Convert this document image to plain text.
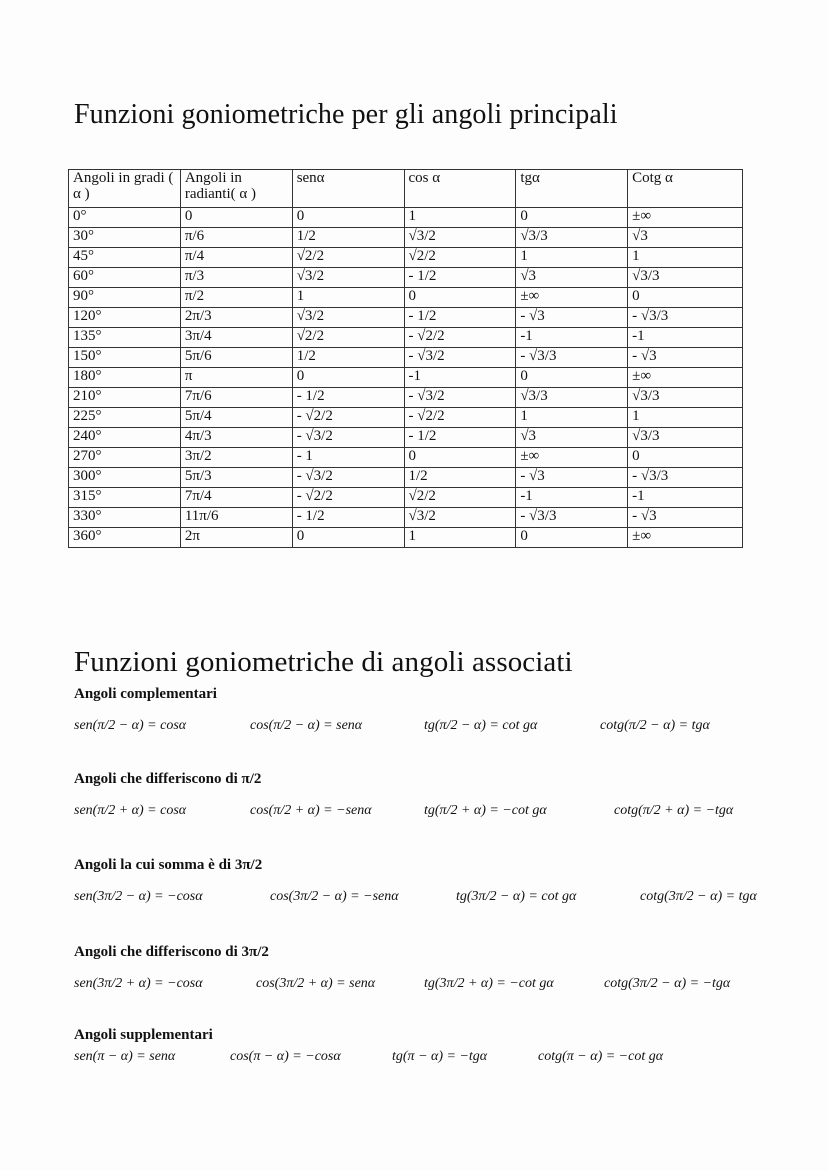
Funzioni goniometriche per gli angoli principali
Angoli in gradi ( α )	Angoli in radianti( α )	senα	cos α	tgα	Cotg α
0°	0	0	1	0	±∞
30°	π/6	1/2	√3/2	√3/3	√3
45°	π/4	√2/2	√2/2	1	1
60°	π/3	√3/2	- 1/2	√3	√3/3
90°	π/2	1	0	±∞	0
120°	2π/3	√3/2	- 1/2	- √3	- √3/3
135°	3π/4	√2/2	- √2/2	-1	-1
150°	5π/6	1/2	- √3/2	- √3/3	- √3
180°	π	0	-1	0	±∞
210°	7π/6	- 1/2	- √3/2	√3/3	√3/3
225°	5π/4	- √2/2	- √2/2	1	1
240°	4π/3	- √3/2	- 1/2	√3	√3/3
270°	3π/2	- 1	0	±∞	0
300°	5π/3	- √3/2	1/2	- √3	- √3/3
315°	7π/4	- √2/2	√2/2	-1	-1
330°	11π/6	- 1/2	√3/2	- √3/3	- √3
360°	2π	0	1	0	±∞
Funzioni goniometriche di angoli associati
Angoli complementari
sen(π/2 − α) = cosα	cos(π/2 − α) = senα	tg(π/2 − α) = cot gα	cotg(π/2 − α) = tgα
Angoli che differiscono di π/2
sen(π/2 + α) = cosα	cos(π/2 + α) = −senα	tg(π/2 + α) = −cot gα	cotg(π/2 + α) = −tgα
Angoli la cui somma è di 3π/2
sen(3π/2 − α) = −cosα	cos(3π/2 − α) = −senα	tg(3π/2 − α) = cot gα	cotg(3π/2 − α) = tgα
Angoli che differiscono di 3π/2
sen(3π/2 + α) = −cosα	cos(3π/2 + α) = senα	tg(3π/2 + α) = −cot gα	cotg(3π/2 − α) = −tgα
Angoli supplementari
sen(π − α) = senα	cos(π − α) = −cosα	tg(π − α) = −tgα	cotg(π − α) = −cot gα
